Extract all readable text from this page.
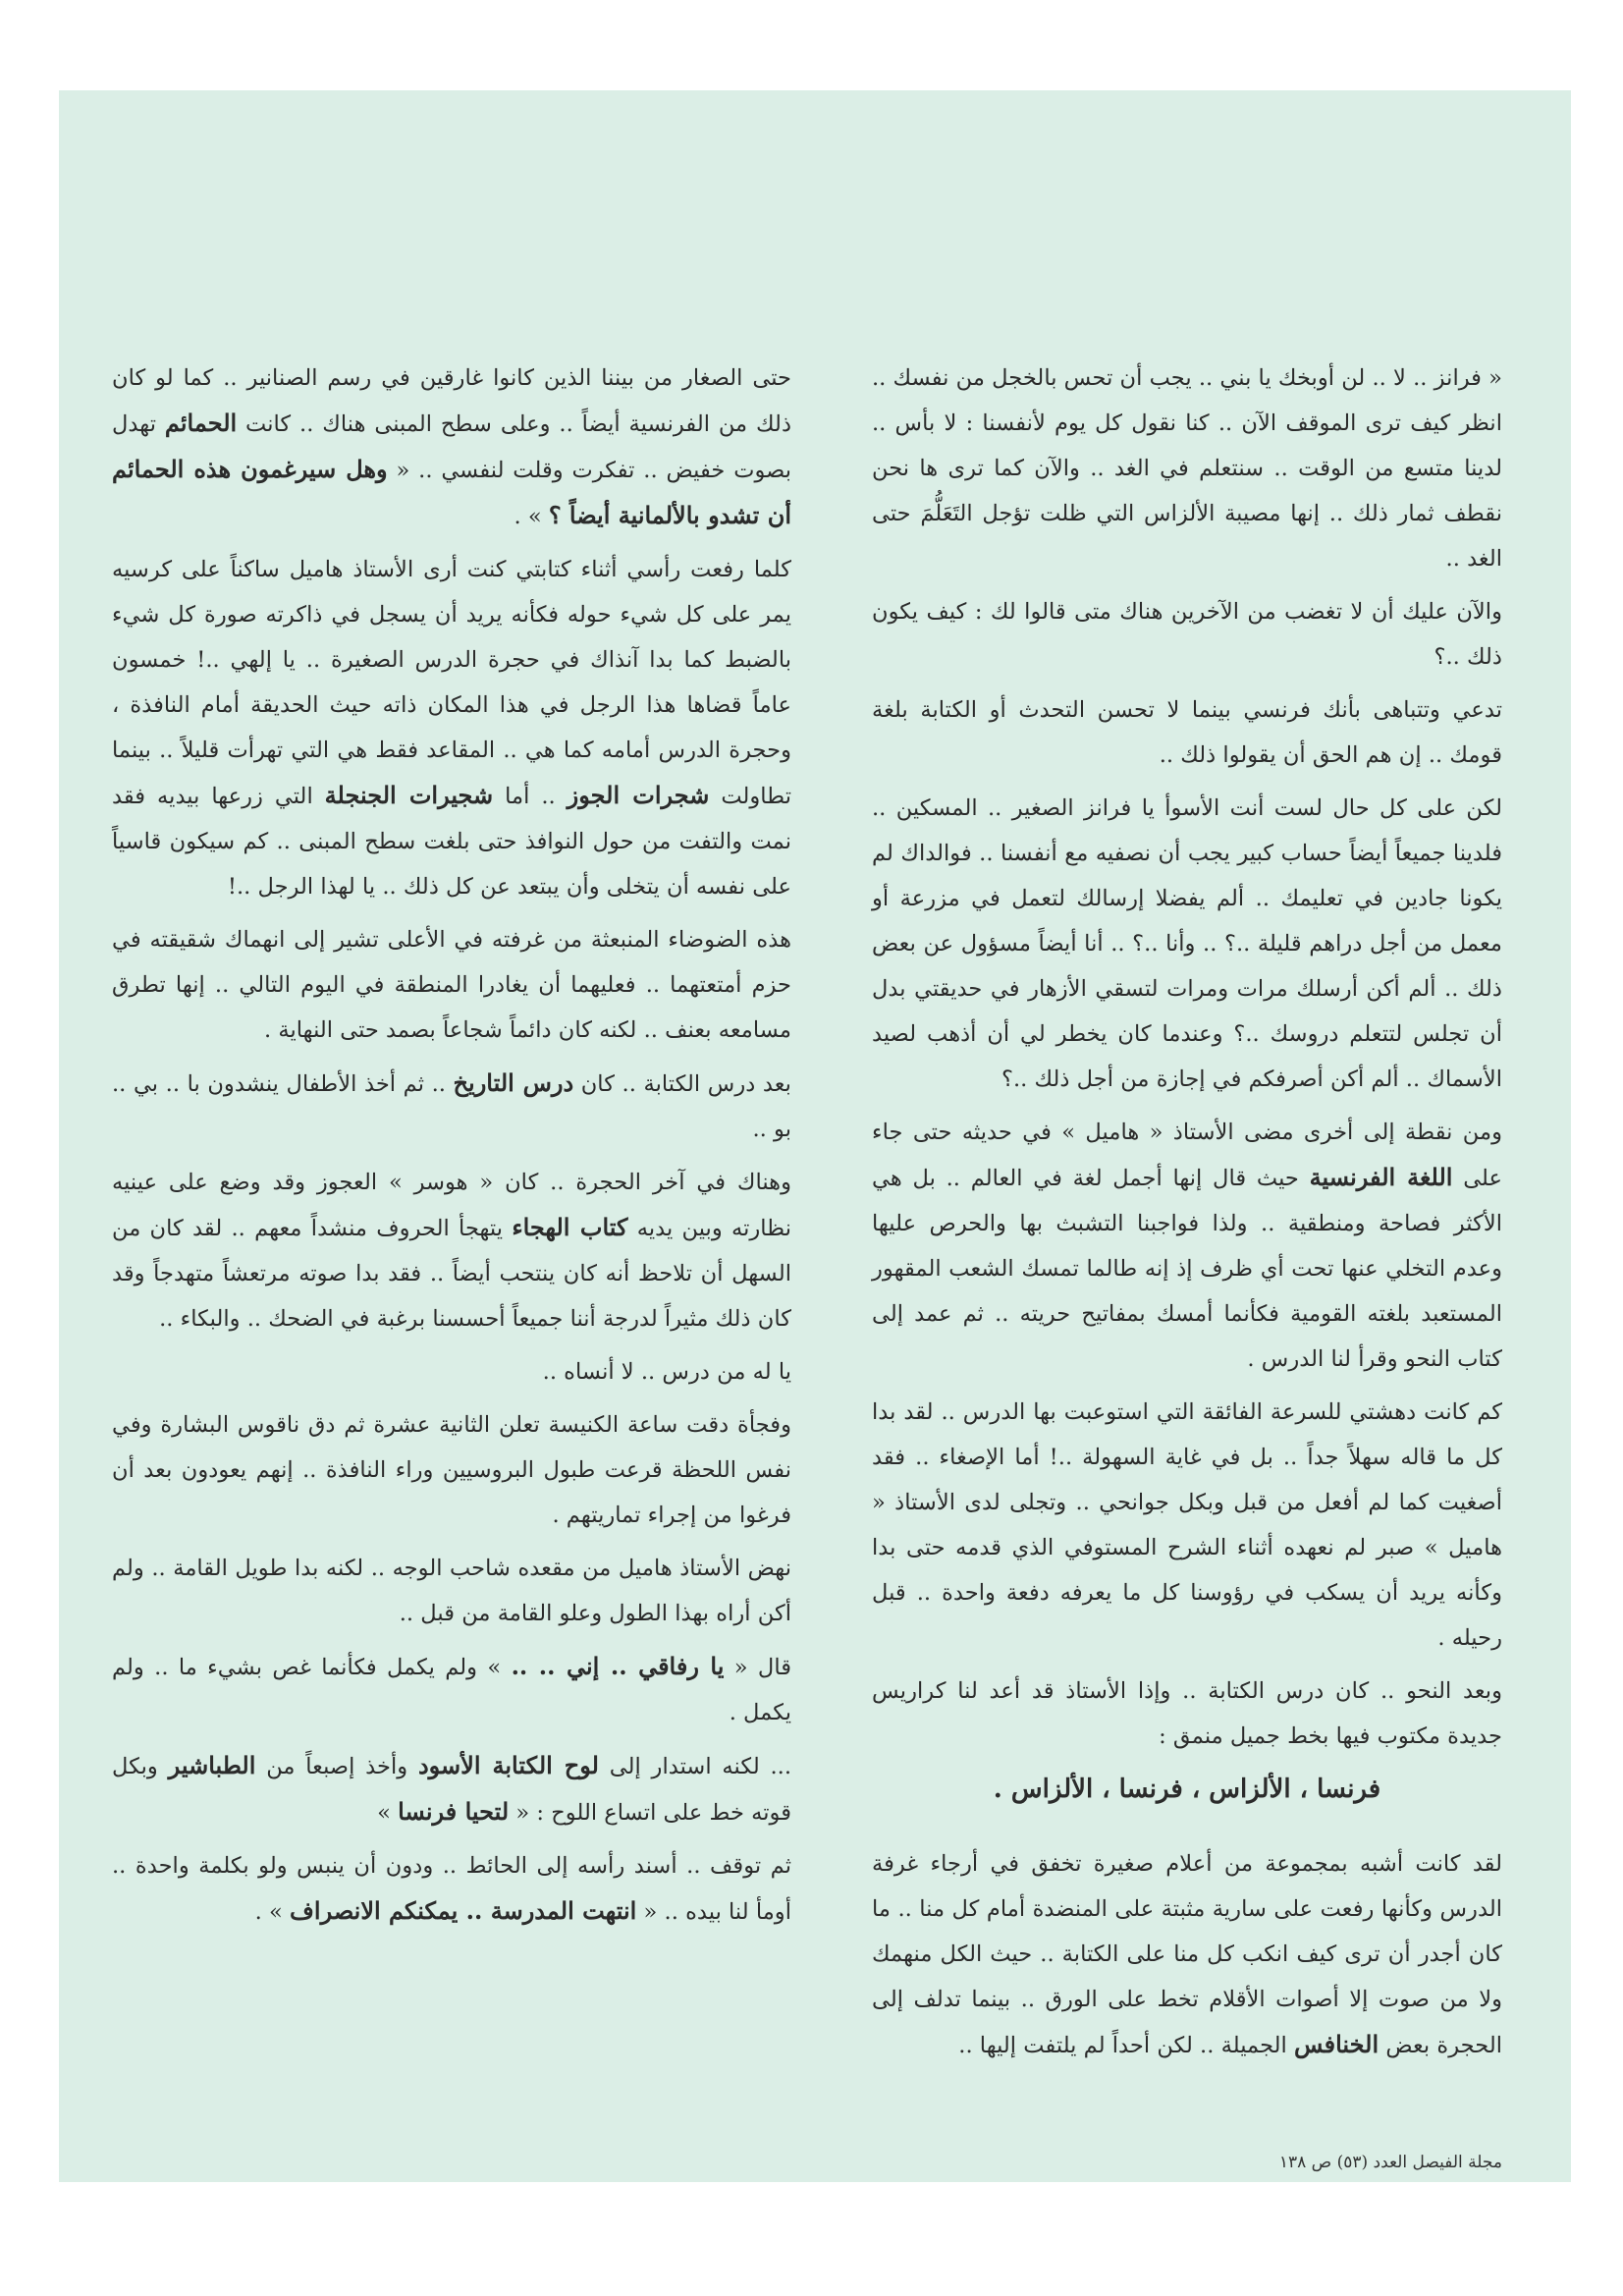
« فرانز .. لا .. لن أوبخك يا بني .. يجب أن تحس بالخجل من نفسك .. انظر كيف ترى الموقف الآن .. كنا نقول كل يوم لأنفسنا : لا بأس .. لدينا متسع من الوقت .. سنتعلم في الغد .. والآن كما ترى ها نحن نقطف ثمار ذلك .. إنها مصيبة الألزاس التي ظلت تؤجل التَعَلُّمَ حتى الغد ..

والآن عليك أن لا تغضب من الآخرين هناك متى قالوا لك : كيف يكون ذلك ..؟

تدعي وتتباهى بأنك فرنسي بينما لا تحسن التحدث أو الكتابة بلغة قومك .. إن هم الحق أن يقولوا ذلك ..

لكن على كل حال لست أنت الأسوأ يا فرانز الصغير .. المسكين .. فلدينا جميعاً أيضاً حساب كبير يجب أن نصفيه مع أنفسنا .. فوالداك لم يكونا جادين في تعليمك .. ألم يفضلا إرسالك لتعمل في مزرعة أو معمل من أجل دراهم قليلة ..؟ .. وأنا ..؟ .. أنا أيضاً مسؤول عن بعض ذلك .. ألم أكن أرسلك مرات ومرات لتسقي الأزهار في حديقتي بدل أن تجلس لتتعلم دروسك ..؟ وعندما كان يخطر لي أن أذهب لصيد الأسماك .. ألم أكن أصرفكم في إجازة من أجل ذلك ..؟

ومن نقطة إلى أخرى مضى الأستاذ « هاميل » في حديثه حتى جاء على اللغة الفرنسية حيث قال إنها أجمل لغة في العالم .. بل هي الأكثر فصاحة ومنطقية .. ولذا فواجبنا التشبث بها والحرص عليها وعدم التخلي عنها تحت أي ظرف إذ إنه طالما تمسك الشعب المقهور المستعبد بلغته القومية فكأنما أمسك بمفاتيح حريته .. ثم عمد إلى كتاب النحو وقرأ لنا الدرس .

كم كانت دهشتي للسرعة الفائقة التي استوعبت بها الدرس .. لقد بدا كل ما قاله سهلاً جداً .. بل في غاية السهولة ..! أما الإصغاء .. فقد أصغيت كما لم أفعل من قبل وبكل جوانحي .. وتجلى لدى الأستاذ « هاميل » صبر لم نعهده أثناء الشرح المستوفي الذي قدمه حتى بدا وكأنه يريد أن يسكب في رؤوسنا كل ما يعرفه دفعة واحدة .. قبل رحيله .

وبعد النحو .. كان درس الكتابة .. وإذا الأستاذ قد أعد لنا كراريس جديدة مكتوب فيها بخط جميل منمق :

فرنسا ، الألزاس ، فرنسا ، الألزاس .

لقد كانت أشبه بمجموعة من أعلام صغيرة تخفق في أرجاء غرفة الدرس وكأنها رفعت على سارية مثبتة على المنضدة أمام كل منا .. ما كان أجدر أن ترى كيف انكب كل منا على الكتابة .. حيث الكل منهمك ولا من صوت إلا أصوات الأقلام تخط على الورق .. بينما تدلف إلى الحجرة بعض الخنافس الجميلة .. لكن أحداً لم يلتفت إليها ..

حتى الصغار من بيننا الذين كانوا غارقين في رسم الصنانير .. كما لو كان ذلك من الفرنسية أيضاً .. وعلى سطح المبنى هناك .. كانت الحمائم تهدل بصوت خفيض .. تفكرت وقلت لنفسي .. « وهل سيرغمون هذه الحمائم أن تشدو بالألمانية أيضاً ؟ » .

كلما رفعت رأسي أثناء كتابتي كنت أرى الأستاذ هاميل ساكناً على كرسيه يمر على كل شيء حوله فكأنه يريد أن يسجل في ذاكرته صورة كل شيء بالضبط كما بدا آنذاك في حجرة الدرس الصغيرة .. يا إلهي ..! خمسون عاماً قضاها هذا الرجل في هذا المكان ذاته حيث الحديقة أمام النافذة ، وحجرة الدرس أمامه كما هي .. المقاعد فقط هي التي تهرأت قليلاً .. بينما تطاولت شجرات الجوز .. أما شجيرات الجنجلة التي زرعها بيديه فقد نمت والتفت من حول النوافذ حتى بلغت سطح المبنى .. كم سيكون قاسياً على نفسه أن يتخلى وأن يبتعد عن كل ذلك .. يا لهذا الرجل ..!

هذه الضوضاء المنبعثة من غرفته في الأعلى تشير إلى انهماك شقيقته في حزم أمتعتهما .. فعليهما أن يغادرا المنطقة في اليوم التالي .. إنها تطرق مسامعه بعنف .. لكنه كان دائماً شجاعاً بصمد حتى النهاية .

بعد درس الكتابة .. كان درس التاريخ .. ثم أخذ الأطفال ينشدون با .. بي .. بو ..

وهناك في آخر الحجرة .. كان « هوسر » العجوز وقد وضع على عينيه نظارته وبين يديه كتاب الهجاء يتهجأ الحروف منشداً معهم .. لقد كان من السهل أن تلاحظ أنه كان ينتحب أيضاً .. فقد بدا صوته مرتعشاً متهدجاً وقد كان ذلك مثيراً لدرجة أننا جميعاً أحسسنا برغبة في الضحك .. والبكاء ..

يا له من درس .. لا أنساه ..

وفجأة دقت ساعة الكنيسة تعلن الثانية عشرة ثم دق ناقوس البشارة وفي نفس اللحظة قرعت طبول البروسيين وراء النافذة .. إنهم يعودون بعد أن فرغوا من إجراء تماريتهم .

نهض الأستاذ هاميل من مقعده شاحب الوجه .. لكنه بدا طويل القامة .. ولم أكن أراه بهذا الطول وعلو القامة من قبل ..

قال « يا رفاقي .. إني .. .. » ولم يكمل فكأنما غص بشيء ما .. ولم يكمل .

... لكنه استدار إلى لوح الكتابة الأسود وأخذ إصبعاً من الطباشير وبكل قوته خط على اتساع اللوح : « لتحيا فرنسا »

ثم توقف .. أسند رأسه إلى الحائط .. ودون أن ينبس ولو بكلمة واحدة .. أومأ لنا بيده .. « انتهت المدرسة .. يمكنكم الانصراف » .

مجلة الفيصل العدد (٥٣) ص ١٣٨
